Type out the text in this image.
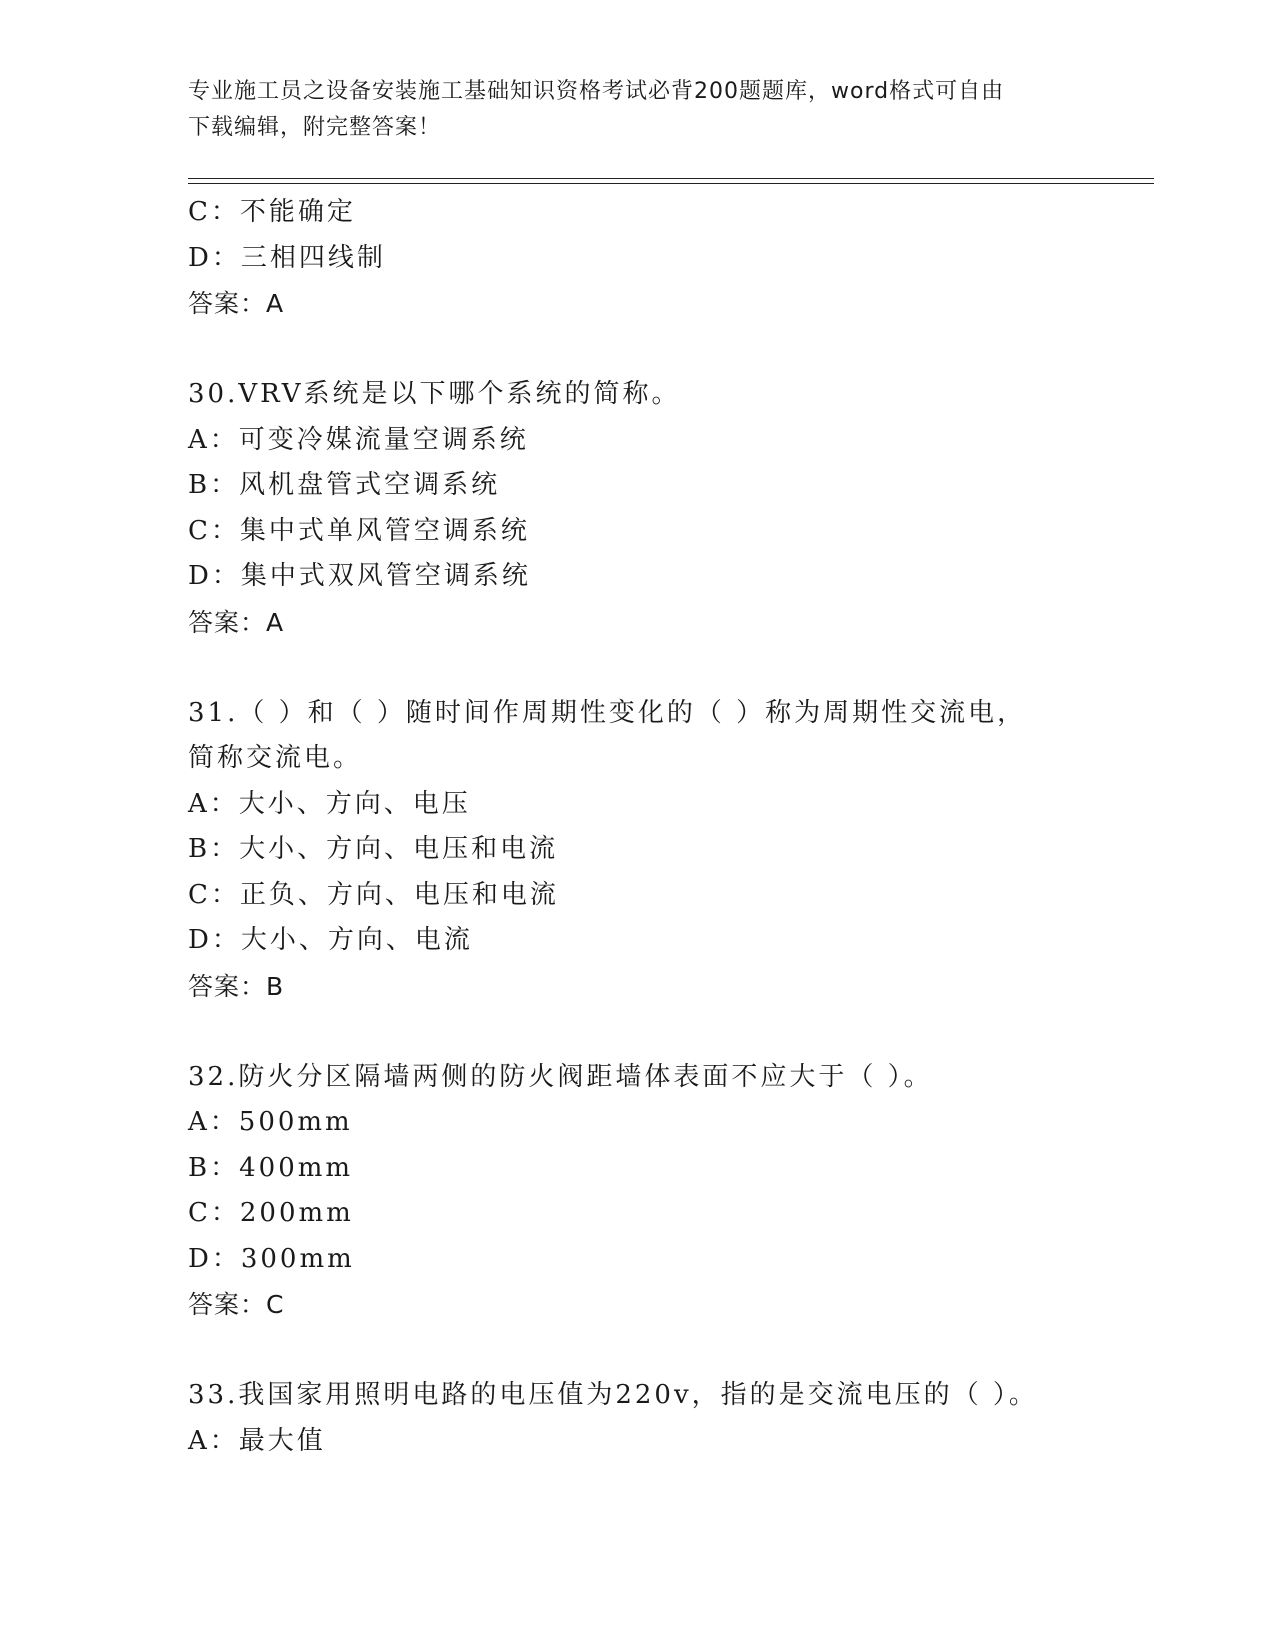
专业施工员之设备安装施工基础知识资格考试必背200题题库，word格式可自由
下载编辑，附完整答案！
C：不能确定
D：三相四线制
答案：A
30.VRV系统是以下哪个系统的简称。
A：可变冷媒流量空调系统
B：风机盘管式空调系统
C：集中式单风管空调系统
D：集中式双风管空调系统
答案：A
31.（ ）和（ ）随时间作周期性变化的（ ）称为周期性交流电，简称交流电。
A：大小、方向、电压
B：大小、方向、电压和电流
C：正负、方向、电压和电流
D：大小、方向、电流
答案：B
32.防火分区隔墙两侧的防火阀距墙体表面不应大于（ ）。
A：500mm
B：400mm
C：200mm
D：300mm
答案：C
33.我国家用照明电路的电压值为220v，指的是交流电压的（ ）。
A：最大值
